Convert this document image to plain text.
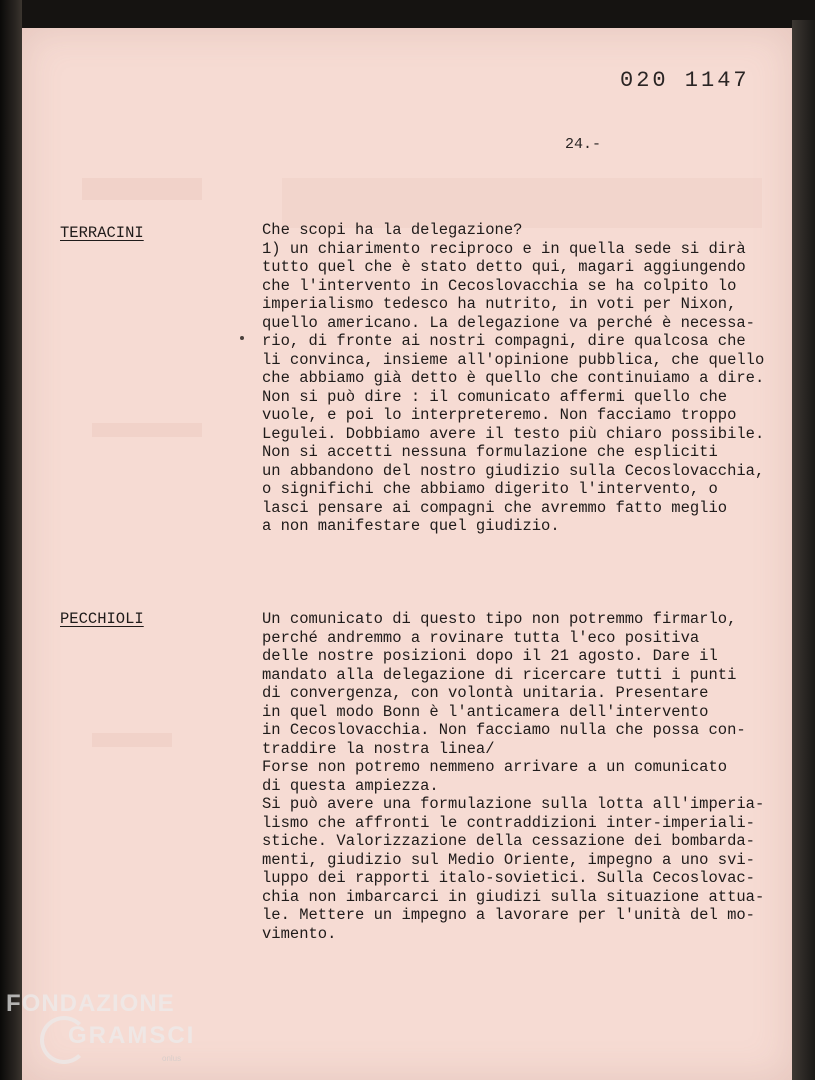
020 1147
24.-
TERRACINI	Che scopi ha la delegazione?
1) un chiarimento reciproco e in quella sede si dirà
tutto quel che è stato detto qui, magari aggiungendo
che l'intervento in Cecoslovacchia se ha colpito lo
imperialismo tedesco ha nutrito, in voti per Nixon,
quello americano. La delegazione va perché è necessa-
rio, di fronte ai nostri compagni, dire qualcosa che
li convinca, insieme all'opinione pubblica, che quello
che abbiamo già detto è quello che continuiamo a dire.
Non si può dire : il comunicato affermi quello che
vuole, e poi lo interpreteremo. Non facciamo troppo
Legulei. Dobbiamo avere il testo più chiaro possibile.
Non si accetti nessuna formulazione che espliciti
un abbandono del nostro giudizio sulla Cecoslovacchia,
o significhi che abbiamo digerito l'intervento, o
lasci pensare ai compagni che avremmo fatto meglio
a non manifestare quel giudizio.
PECCHIOLI	Un comunicato di questo tipo non potremmo firmarlo,
perché andremmo a rovinare tutta l'eco positiva
delle nostre posizioni dopo il 21 agosto. Dare il
mandato alla delegazione di ricercare tutti i punti
di convergenza, con volontà unitaria. Presentare
in quel modo Bonn è l'anticamera dell'intervento
in Cecoslovacchia. Non facciamo nulla che possa con-
traddire la nostra linea/
Forse non potremo nemmeno arrivare a un comunicato
di questa ampiezza.
Si può avere una formulazione sulla lotta all'imperia-
lismo che affronti le contraddizioni inter-imperiali-
stiche. Valorizzazione della cessazione dei bombarda-
menti, giudizio sul Medio Oriente, impegno a uno svi-
luppo dei rapporti italo-sovietici. Sulla Cecoslovac-
chia non imbarcarci in giudizi sulla situazione attua-
le. Mettere un impegno a lavorare per l'unità del mo-
vimento.
FONDAZIONE
GRAMSCI
onlus
